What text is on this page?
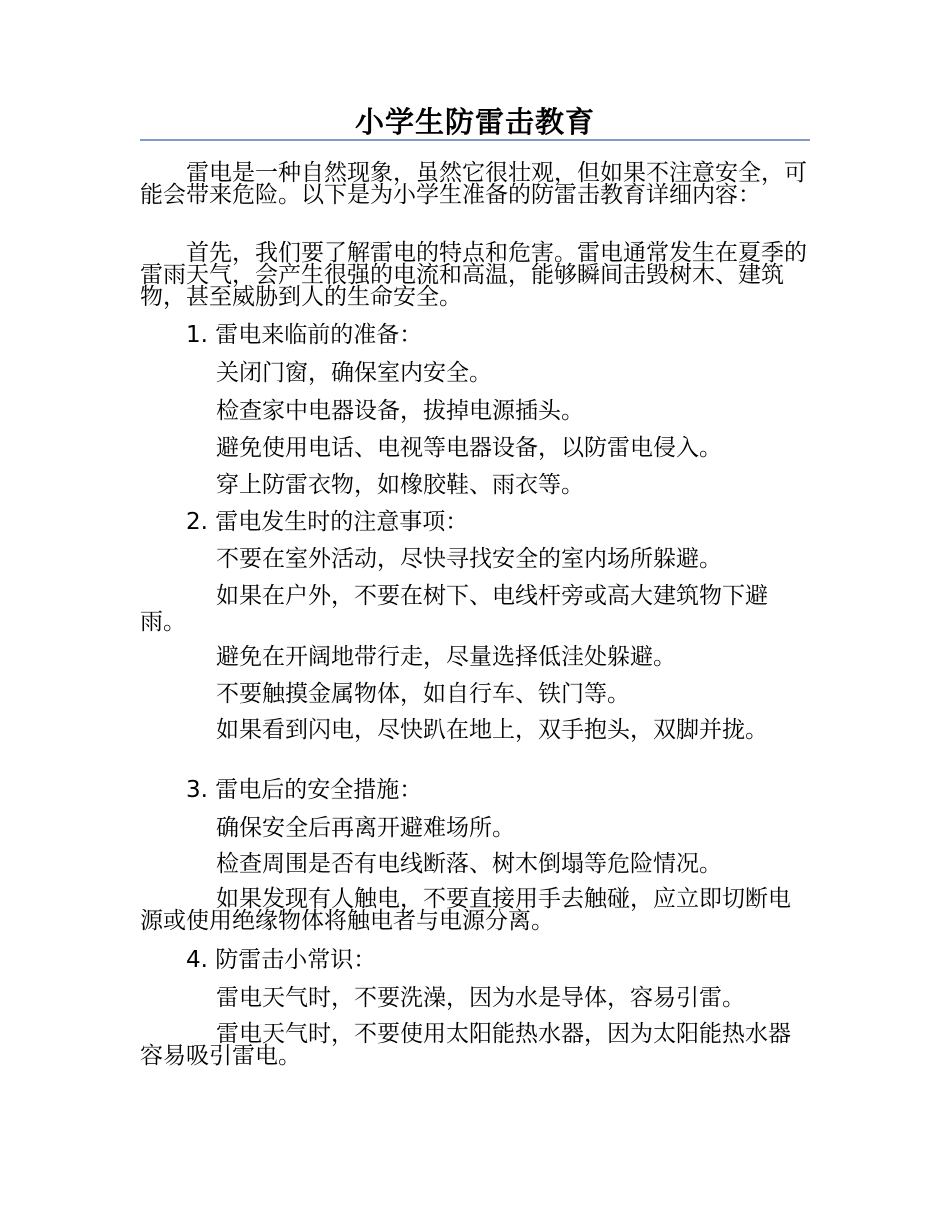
小学生防雷击教育
雷电是一种自然现象，虽然它很壮观，但如果不注意安全，可能会带来危险。以下是为小学生准备的防雷击教育详细内容：
首先，我们要了解雷电的特点和危害。雷电通常发生在夏季的雷雨天气，会产生很强的电流和高温，能够瞬间击毁树木、建筑物，甚至威胁到人的生命安全。
1. 雷电来临前的准备：
关闭门窗，确保室内安全。
检查家中电器设备，拔掉电源插头。
避免使用电话、电视等电器设备，以防雷电侵入。
穿上防雷衣物，如橡胶鞋、雨衣等。
2. 雷电发生时的注意事项：
不要在室外活动，尽快寻找安全的室内场所躲避。
如果在户外，不要在树下、电线杆旁或高大建筑物下避雨。
避免在开阔地带行走，尽量选择低洼处躲避。
不要触摸金属物体，如自行车、铁门等。
如果看到闪电，尽快趴在地上，双手抱头，双脚并拢。
3. 雷电后的安全措施：
确保安全后再离开避难场所。
检查周围是否有电线断落、树木倒塌等危险情况。
如果发现有人触电，不要直接用手去触碰，应立即切断电源或使用绝缘物体将触电者与电源分离。
4. 防雷击小常识：
雷电天气时，不要洗澡，因为水是导体，容易引雷。
雷电天气时，不要使用太阳能热水器，因为太阳能热水器容易吸引雷电。
